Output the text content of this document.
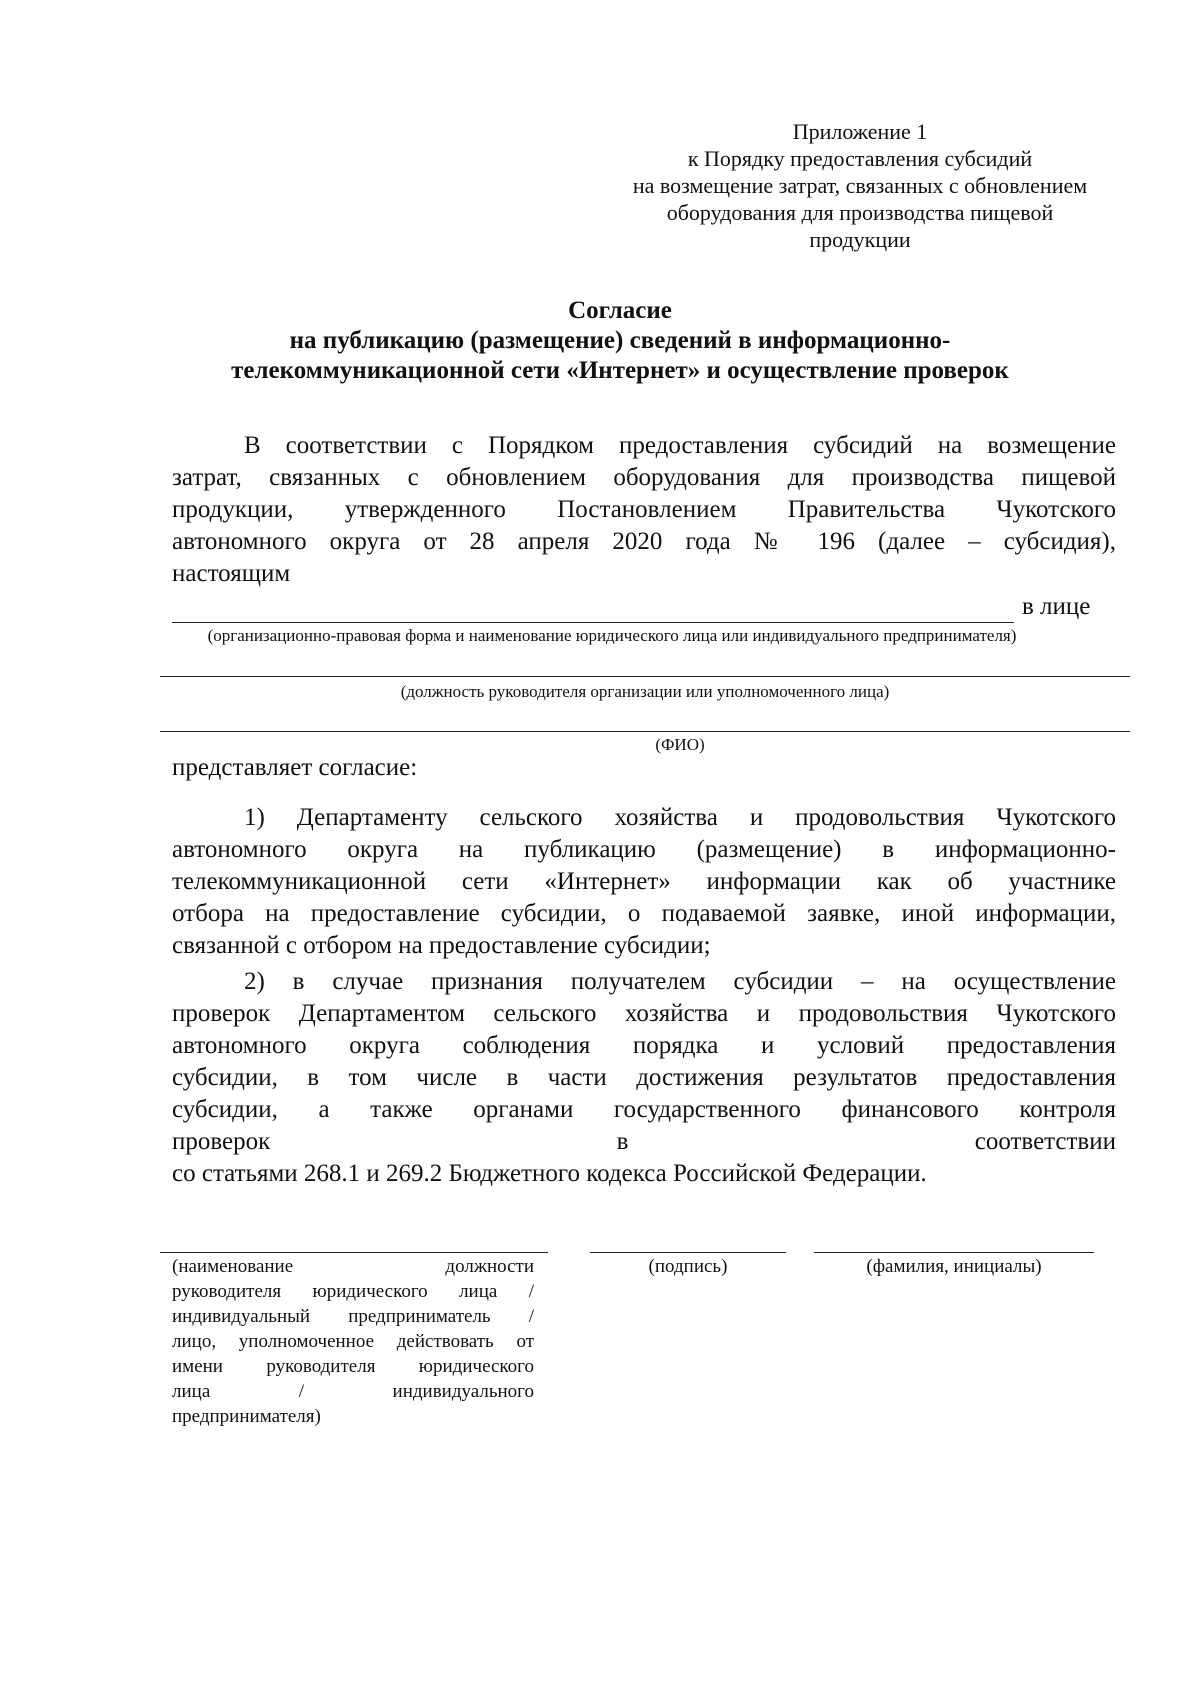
Приложение 1
к Порядку предоставления субсидий
на возмещение затрат, связанных с обновлением
оборудования для производства пищевой
продукции
Согласие
на публикацию (размещение) сведений в информационно-
телекоммуникационной сети «Интернет» и осуществление проверок
В соответствии с Порядком предоставления субсидий на возмещение
затрат, связанных с обновлением оборудования для производства пищевой
продукции, утвержденного Постановлением Правительства Чукотского
автономного округа от 28 апреля 2020 года № 196 (далее – субсидия),
настоящим
в лице
(организационно-правовая форма и наименование юридического лица или индивидуального предпринимателя)
(должность руководителя организации или уполномоченного лица)
(ФИО)
представляет согласие:
1) Департаменту сельского хозяйства и продовольствия Чукотского
автономного округа на публикацию (размещение) в информационно-
телекоммуникационной сети «Интернет» информации как об участнике
отбора на предоставление субсидии, о подаваемой заявке, иной информации,
связанной с отбором на предоставление субсидии;
2) в случае признания получателем субсидии – на осуществление
проверок Департаментом сельского хозяйства и продовольствия Чукотского
автономного округа соблюдения порядка и условий предоставления
субсидии, в том числе в части достижения результатов предоставления
субсидии, а также органами государственного финансового контроля
проверок в соответствии
со статьями 268.1 и 269.2 Бюджетного кодекса Российской Федерации.
(наименование должности
руководителя юридического лица /
индивидуальный предприниматель /
лицо, уполномоченное действовать от
имени руководителя юридического
лица / индивидуального
предпринимателя)
(подпись)	(фамилия, инициалы)
